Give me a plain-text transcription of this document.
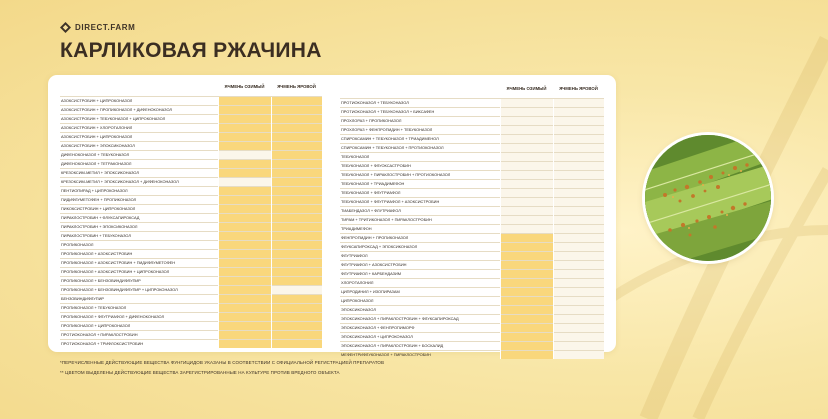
DIRECT.FARM
КАРЛИКОВАЯ РЖАЧИНА
	ЯЧМЕНЬ ОЗИМЫЙ	ЯЧМЕНЬ ЯРОВОЙ
АЗОКСИСТРОБИН + ЦИПРОКОНАЗОЛ		
АЗОКСИСТРОБИН + ПРОПИКОНАЗОЛ + ДИФЕНОКОНАЗОЛ		
АЗОКСИСТРОБИН + ТЕБУКОНАЗОЛ + ЦИПРОКОНАЗОЛ		
АЗОКСИСТРОБИН + ХЛОРОТАЛОНИЛ		
АЗОКСИСТРОБИН + ЦИПРОКОНАЗОЛ		
АЗОКСИСТРОБИН + ЭПОКСИКОНАЗОЛ		
ДИФЕНОКОНАЗОЛ + ТЕБУКОНАЗОЛ		
ДИФЕНОКОНАЗОЛ + ТЕТРАКОНАЗОЛ		
КРЕЗОКСИМ-МЕТИЛ + ЭПОКСИКОНАЗОЛ		
КРЕЗОКСИМ-МЕТИЛ + ЭПОКСИКОНАЗОЛ + ДИФЕНОКОНАЗОЛ		
ПЕНТИОПИРАД + ЦИПРОКОНАЗОЛ		
ПИДИФЛУМЕТОФЕН + ПРОПИКОНАЗОЛ		
ПИКОКСИСТРОБИН + ЦИПРОКОНАЗОЛ		
ПИРАКЛОСТРОБИН + ФЛУКСАПИРОКСАД		
ПИРАКЛОСТРОБИН + ЭПОКСИКОНАЗОЛ		
ПИРАКЛОСТРОБИН + ТЕБУКОНАЗОЛ		
ПРОПИКОНАЗОЛ		
ПРОПИКОНАЗОЛ + АЗОКСИСТРОБИН		
ПРОПИКОНАЗОЛ + АЗОКСИСТРОБИН + ПИДИФЛУМЕТОФЕН		
ПРОПИКОНАЗОЛ + АЗОКСИСТРОБИН + ЦИПРОКОНАЗОЛ		
ПРОПИКОНАЗОЛ + БЕНЗОВИНДИФЛУПИР		
ПРОПИКОНАЗОЛ + БЕНЗОВИНДИФЛУПИР + ЦИПРОКОНАЗОЛ		
БЕНЗОВИНДИФЛУПИР		
ПРОПИКОНАЗОЛ + ТЕБУКОНАЗОЛ		
ПРОПИКОНАЗОЛ + ФЛУТРИАФОЛ + ДИФЕНОКОНАЗОЛ		
ПРОПИКОНАЗОЛ + ЦИПРОКОНАЗОЛ		
ПРОТИОКОНАЗОЛ + ПИРАКЛОСТРОБИН		
ПРОТИОКОНАЗОЛ + ТРИФЛОКСИСТРОБИН		
	ЯЧМЕНЬ ОЗИМЫЙ	ЯЧМЕНЬ ЯРОВОЙ
ПРОТИОКОНАЗОЛ + ТЕБУКОНАЗОЛ		
ПРОТИОКОНАЗОЛ + ТЕБУКОНАЗОЛ + БИКСАФЕН		
ПРОХЛОРАЗ + ПРОПИКОНАЗОЛ		
ПРОХЛОРАЗ + ФЕНПРОПИДИН + ТЕБУКОНАЗОЛ		
СПИРОКСАМИН + ТЕБУКОНАЗОЛ + ТРИАДИМЕНОЛ		
СПИРОКСАМИН + ТЕБУКОНАЗОЛ + ПРОТИОКОНАЗОЛ		
ТЕБУКОНАЗОЛ		
ТЕБУКОНАЗОЛ + ФЛУОКСАСТРОБИН		
ТЕБУКОНАЗОЛ + ПИРАКЛОСТРОБИН + ПРОТИОКОНАЗОЛ		
ТЕБУКОНАЗОЛ + ТРИАДИМЕФОН		
ТЕБУКОНАЗОЛ + ФЛУТРИАФОЛ		
ТЕБУКОНАЗОЛ + ФЛУТРИАФОЛ + АЗОКСИСТРОБИН		
ТИАБЕНДАЗОЛ + ФЛУТРИАФОЛ		
ТИРАМ + ТРИТИКОНАЗОЛ + ПИРАКЛОСТРОБИН		
ТРИАДИМЕФОН		
ФЕНПРОПИДИН + ПРОПИКОНАЗОЛ		
ФЛУКСАПИРОКСАД + ЭПОКСИКОНАЗОЛ		
ФЛУТРИАФОЛ		
ФЛУТРИАФОЛ + АЗОКСИСТРОБИН		
ФЛУТРИАФОЛ + КАРБЕНДАЗИМ		
ХЛОРОТАЛОНИЛ		
ЦИПРОДИНИЛ + ИЗОПИРАЗАМ		
ЦИПРОКОНАЗОЛ		
ЭПОКСИКОНАЗОЛ		
ЭПОКСИКОНАЗОЛ + ПИРАКЛОСТРОБИН + ФЛУКСАПИРОКСАД		
ЭПОКСИКОНАЗОЛ + ФЕНПРОПИМОРФ		
ЭПОКСИКОНАЗОЛ + ЦИПРОКОНАЗОЛ		
ЭПОКСИКОНАЗОЛ + ПИРАКЛОСТРОБИН + БОСКАЛИД		
МЕФЕНТРИФЛУКОНАЗОЛ + ПИРАКЛОСТРОБИН		
*ПЕРЕЧИСЛЕННЫЕ ДЕЙСТВУЮЩИЕ ВЕЩЕСТВА ФУНГИЦИДОВ УКАЗАНЫ В СООТВЕТСТВИИ С ОФИЦИАЛЬНОЙ РЕГИСТРАЦИЕЙ ПРЕПАРАТОВ
** ЦВЕТОМ ВЫДЕЛЕНЫ ДЕЙСТВУЮЩИЕ ВЕЩЕСТВА ЗАРЕГИСТРИРОВАННЫЕ НА КУЛЬТУРЕ ПРОТИВ ВРЕДНОГО ОБЪЕКТА
